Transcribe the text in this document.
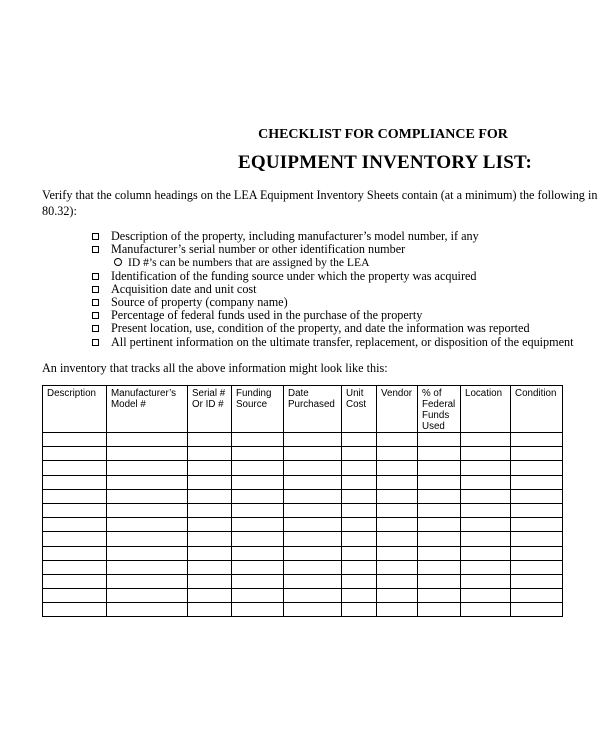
CHECKLIST FOR COMPLIANCE FOR
EQUIPMENT INVENTORY LIST:
Verify that the column headings on the LEA Equipment Inventory Sheets contain (at a minimum) the following in
80.32):
Description of the property, including manufacturer’s model number, if any
Manufacturer’s serial number or other identification number
ID #’s can be numbers that are assigned by the LEA
Identification of the funding source under which the property was acquired
Acquisition date and unit cost
Source of property (company name)
Percentage of federal funds used in the purchase of the property
Present location, use, condition of the property, and date the information was reported
All pertinent information on the ultimate transfer, replacement, or disposition of the equipment
An inventory that tracks all the above information might look like this:
Description	Manufacturer’s Model #	Serial # Or ID #	Funding Source	Date Purchased	Unit Cost	Vendor	% of Federal Funds Used	Location	Condition
